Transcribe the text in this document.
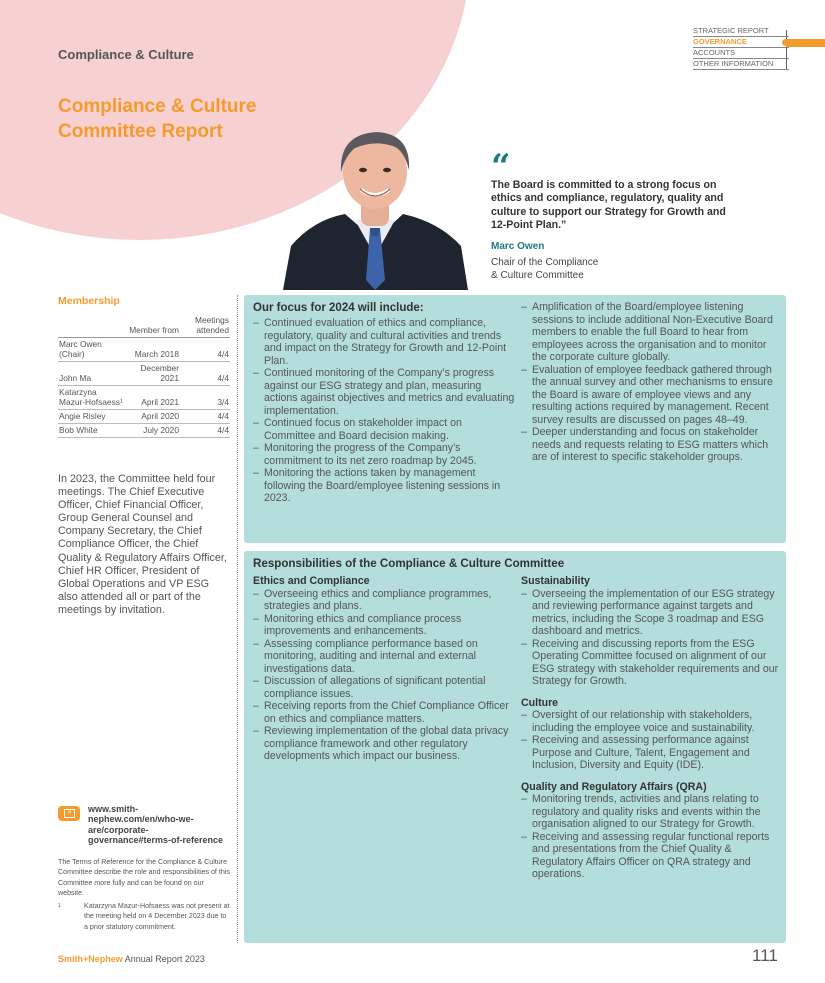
Compliance & Culture
Compliance & Culture
Committee Report
STRATEGIC REPORT
GOVERNANCE
ACCOUNTS
OTHER INFORMATION
“
The Board is committed to a strong focus on ethics and compliance, regulatory, quality and culture to support our Strategy for Growth and 12-Point Plan.”
Marc Owen
Chair of the Compliance
& Culture Committee
Membership
	Member from	Meetings attended
Marc Owen (Chair)	March 2018	4/4
John Ma	December 2021	4/4
Katarzyna Mazur-Hofsaess¹	April 2021	3/4
Angie Risley	April 2020	4/4
Bob White	July 2020	4/4
In 2023, the Committee held four meetings. The Chief Executive Officer, Chief Financial Officer, Group General Counsel and Company Secretary, the Chief Compliance Officer, the Chief Quality & Regulatory Affairs Officer, Chief HR Officer, President of Global Operations and VP ESG also attended all or part of the meetings by invitation.
>	www.smith-nephew.com/en/who-we-are/corporate-governance#terms-of-reference
The Terms of Reference for the Compliance & Culture Committee describe the role and responsibilities of this Committee more fully and can be found on our website.
1	Katarzyna Mazur-Hofsaess was not present at the meeting held on 4 December 2023 due to a prior statutory commitment.
Our focus for 2024 will include:
– Continued evaluation of ethics and compliance, regulatory, quality and cultural activities and trends and impact on the Strategy for Growth and 12-Point Plan.
– Continued monitoring of the Company’s progress against our ESG strategy and plan, measuring actions against objectives and metrics and evaluating implementation.
– Continued focus on stakeholder impact on Committee and Board decision making.
– Monitoring the progress of the Company’s commitment to its net zero roadmap by 2045.
– Monitoring the actions taken by management following the Board/employee listening sessions in 2023.
– Amplification of the Board/employee listening sessions to include additional Non-Executive Board members to enable the full Board to hear from employees across the organisation and to monitor the corporate culture globally.
– Evaluation of employee feedback gathered through the annual survey and other mechanisms to ensure the Board is aware of employee views and any resulting actions required by management. Recent survey results are discussed on pages 48–49.
– Deeper understanding and focus on stakeholder needs and requests relating to ESG matters which are of interest to specific stakeholder groups.
Responsibilities of the Compliance & Culture Committee
Ethics and Compliance
– Overseeing ethics and compliance programmes, strategies and plans.
– Monitoring ethics and compliance process improvements and enhancements.
– Assessing compliance performance based on monitoring, auditing and internal and external investigations data.
– Discussion of allegations of significant potential compliance issues.
– Receiving reports from the Chief Compliance Officer on ethics and compliance matters.
– Reviewing implementation of the global data privacy compliance framework and other regulatory developments which impact our business.
Sustainability
– Overseeing the implementation of our ESG strategy and reviewing performance against targets and metrics, including the Scope 3 roadmap and ESG dashboard and metrics.
– Receiving and discussing reports from the ESG Operating Committee focused on alignment of our ESG strategy with stakeholder requirements and our Strategy for Growth.
Culture
– Oversight of our relationship with stakeholders, including the employee voice and sustainability.
– Receiving and assessing performance against Purpose and Culture, Talent, Engagement and Inclusion, Diversity and Equity (IDE).
Quality and Regulatory Affairs (QRA)
– Monitoring trends, activities and plans relating to regulatory and quality risks and events within the organisation aligned to our Strategy for Growth.
– Receiving and assessing regular functional reports and presentations from the Chief Quality & Regulatory Affairs Officer on QRA strategy and operations.
Smith+Nephew Annual Report 2023	111
